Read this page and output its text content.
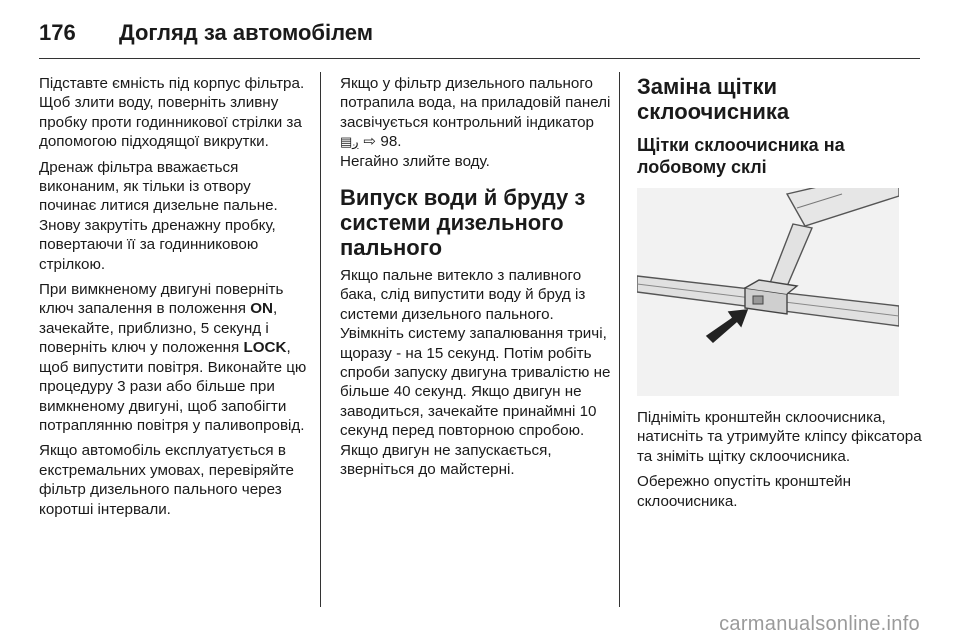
176 Догляд за автомобілем

Підставте ємність під корпус фільтра. Щоб злити воду, поверніть зливну пробку проти годинникової стрілки за допомогою підходящої викрутки.

Дренаж фільтра вважається виконаним, як тільки із отвору починає литися дизельне пальне. Знову закрутіть дренажну пробку, повертаючи її за годинниковою стрілкою.

При вимкненому двигуні поверніть ключ запалення в положення ON, зачекайте, приблизно, 5 секунд і поверніть ключ у положення LOCK, щоб випустити повітря. Виконайте цю процедуру 3 рази або більше при вимкненому двигуні, щоб запобігти потраплянню повітря у паливопровід.

Якщо автомобіль експлуатується в екстремальних умовах, перевіряйте фільтр дизельного пального через коротші інтервали.

Якщо у фільтр дизельного пального потрапила вода, на приладовій панелі засвічується контрольний індикатор ▤ږ ⇨ 98.
Негайно злийте воду.

Випуск води й бруду з системи дизельного пального

Якщо пальне витекло з паливного бака, слід випустити воду й бруд із системи дизельного пального. Увімкніть систему запалювання тричі, щоразу - на 15 секунд. Потім робіть спроби запуску двигуна тривалістю не більше 40 секунд. Якщо двигун не заводиться, зачекайте принаймні 10 секунд перед повторною спробою. Якщо двигун не запускається, зверніться до майстерні.

Заміна щітки склоочисника
Щітки склоочисника на лобовому склі

Підніміть кронштейн склоочисника, натисніть та утримуйте кліпсу фіксатора та зніміть щітку склоочисника.

Обережно опустіть кронштейн склоочисника.

carmanualsonline.info
